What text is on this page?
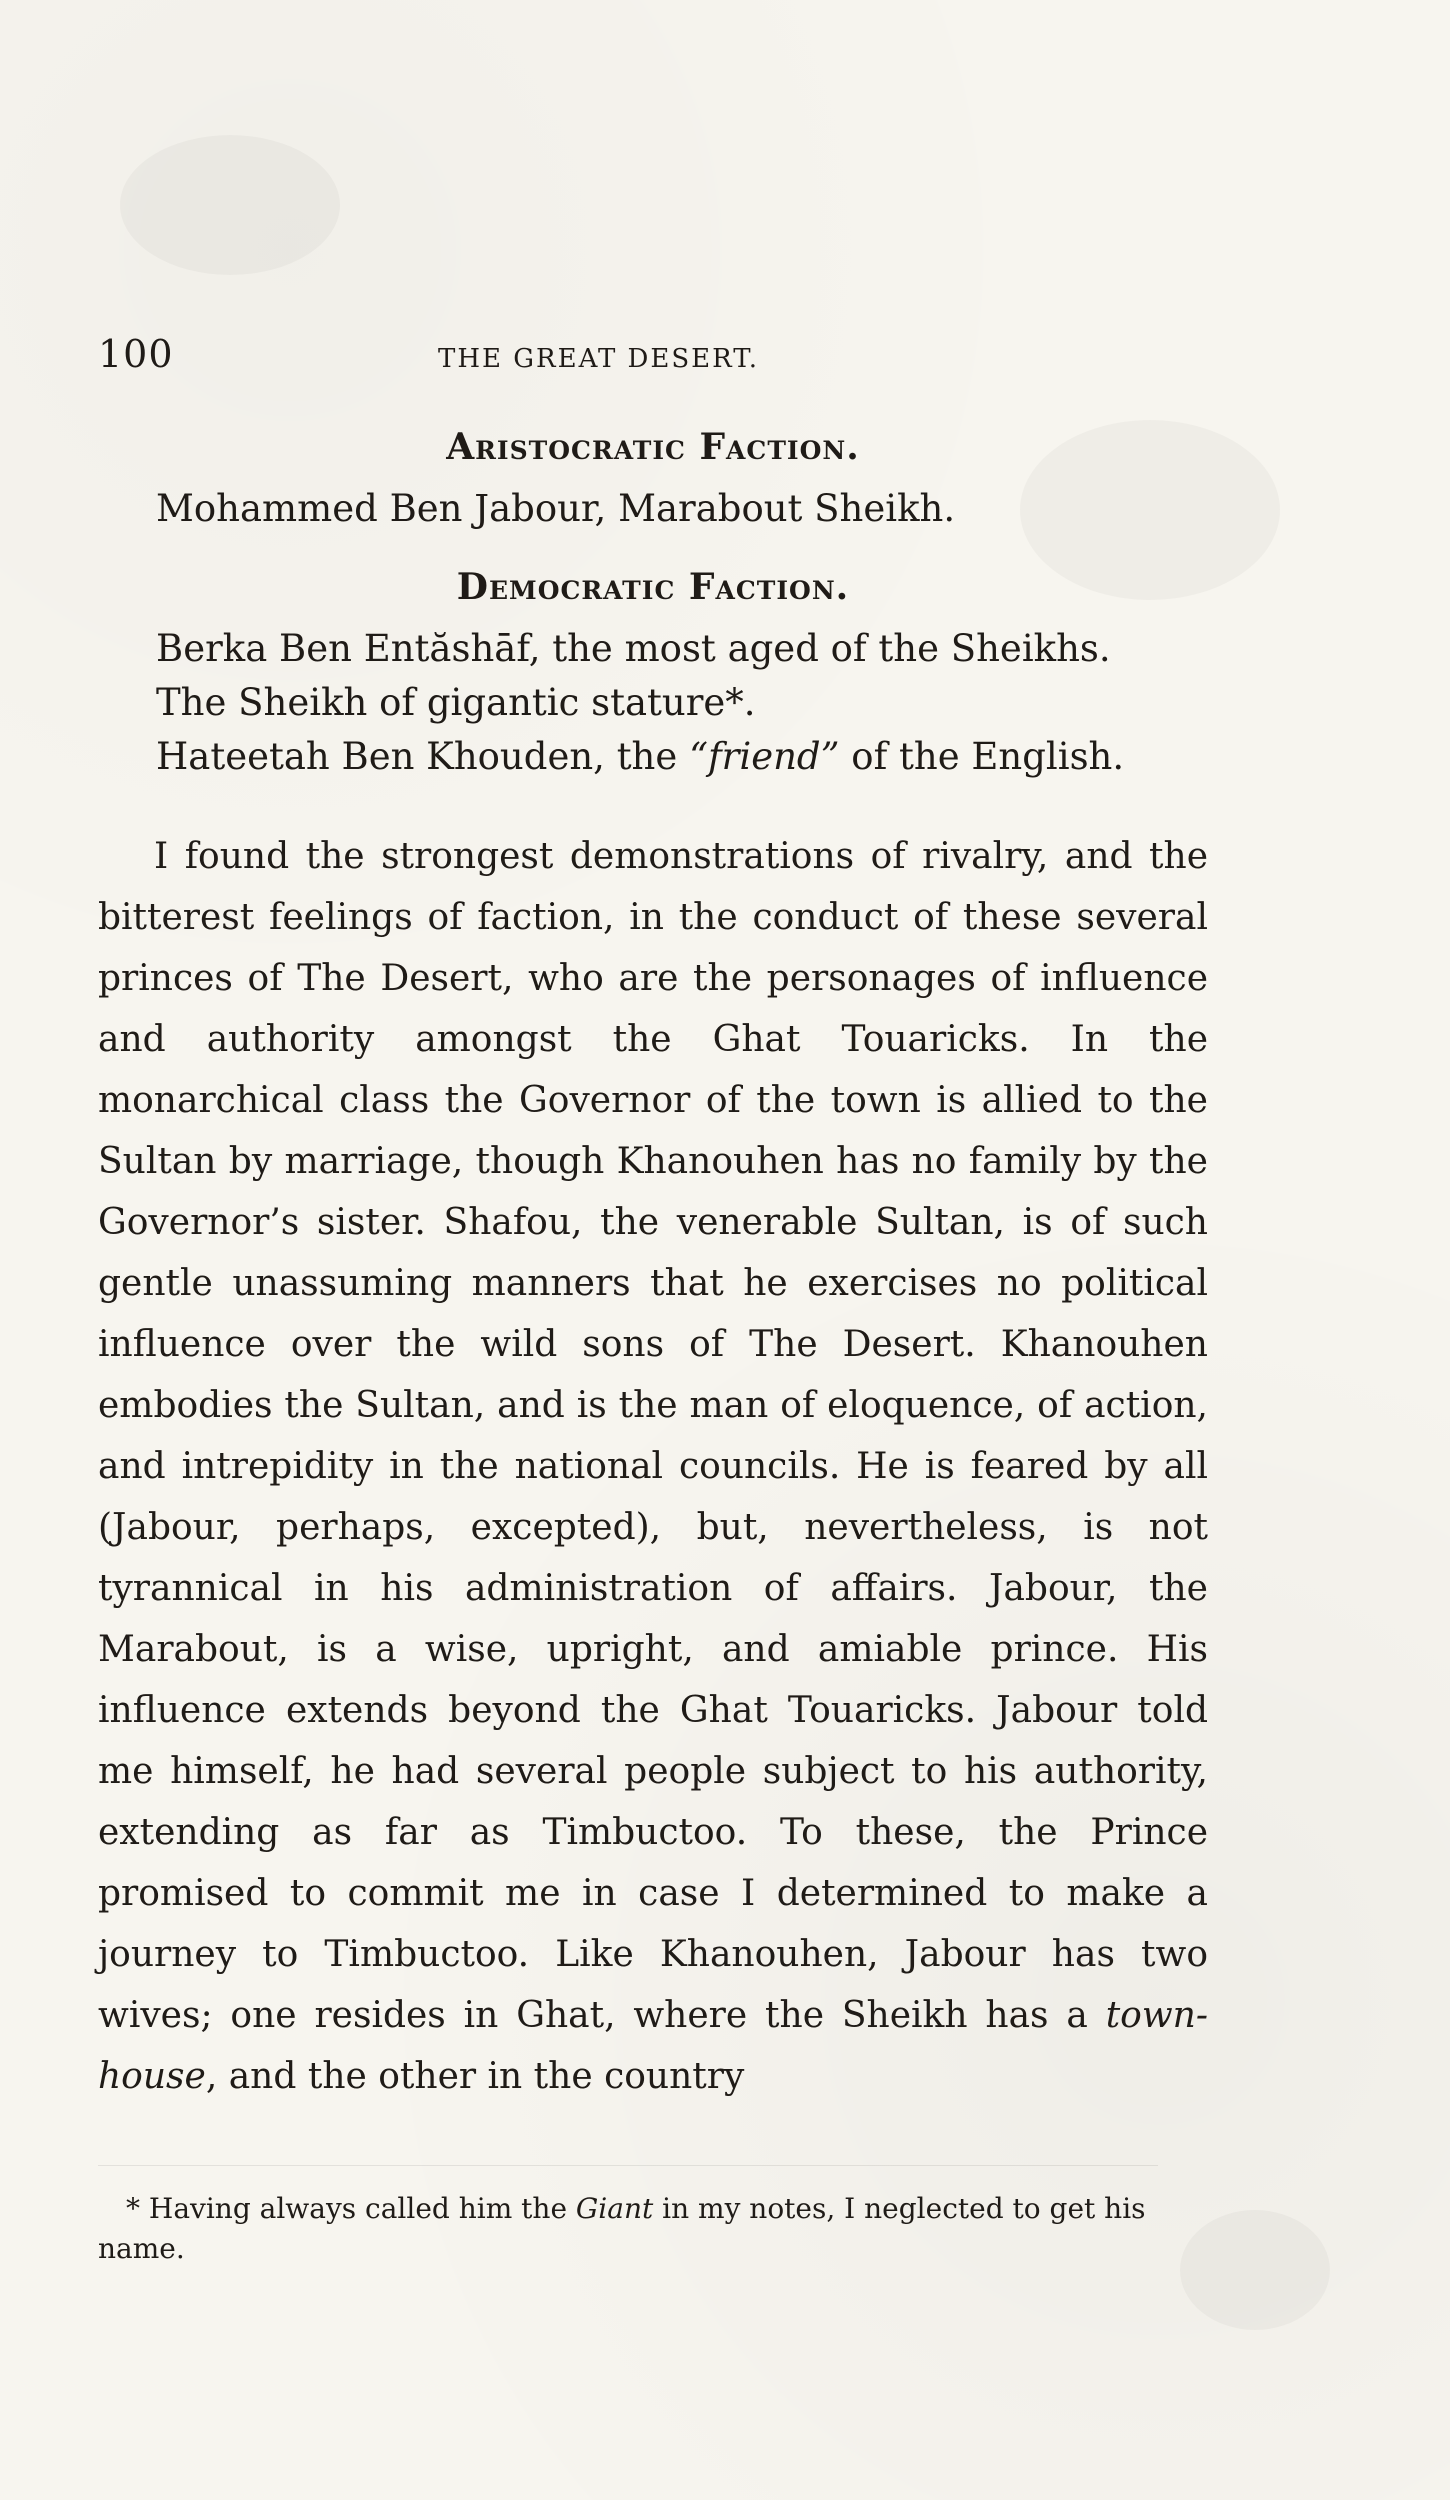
100	THE GREAT DESERT.
Aristocratic Faction.
Mohammed Ben Jabour, Marabout Sheikh.
Democratic Faction.
Berka Ben Entăshāf, the most aged of the Sheikhs.
The Sheikh of gigantic stature*.
Hateetah Ben Khouden, the “friend” of the English.

I found the strongest demonstrations of rivalry, and the bitterest feelings of faction, in the conduct of these several princes of The Desert, who are the personages of influence and authority amongst the Ghat Touaricks. In the monarchical class the Governor of the town is allied to the Sultan by marriage, though Khanouhen has no family by the Governor’s sister. Shafou, the venerable Sultan, is of such gentle unassuming manners that he exercises no political influence over the wild sons of The Desert. Khanouhen embodies the Sultan, and is the man of eloquence, of action, and intrepidity in the national councils. He is feared by all (Jabour, perhaps, excepted), but, nevertheless, is not tyrannical in his administration of affairs. Jabour, the Marabout, is a wise, upright, and amiable prince. His influence extends beyond the Ghat Touaricks. Jabour told me himself, he had several people subject to his authority, extending as far as Timbuctoo. To these, the Prince promised to commit me in case I determined to make a journey to Timbuctoo. Like Khanouhen, Jabour has two wives; one resides in Ghat, where the Sheikh has a town-house, and the other in the country

* Having always called him the Giant in my notes, I neglected to get his name.
